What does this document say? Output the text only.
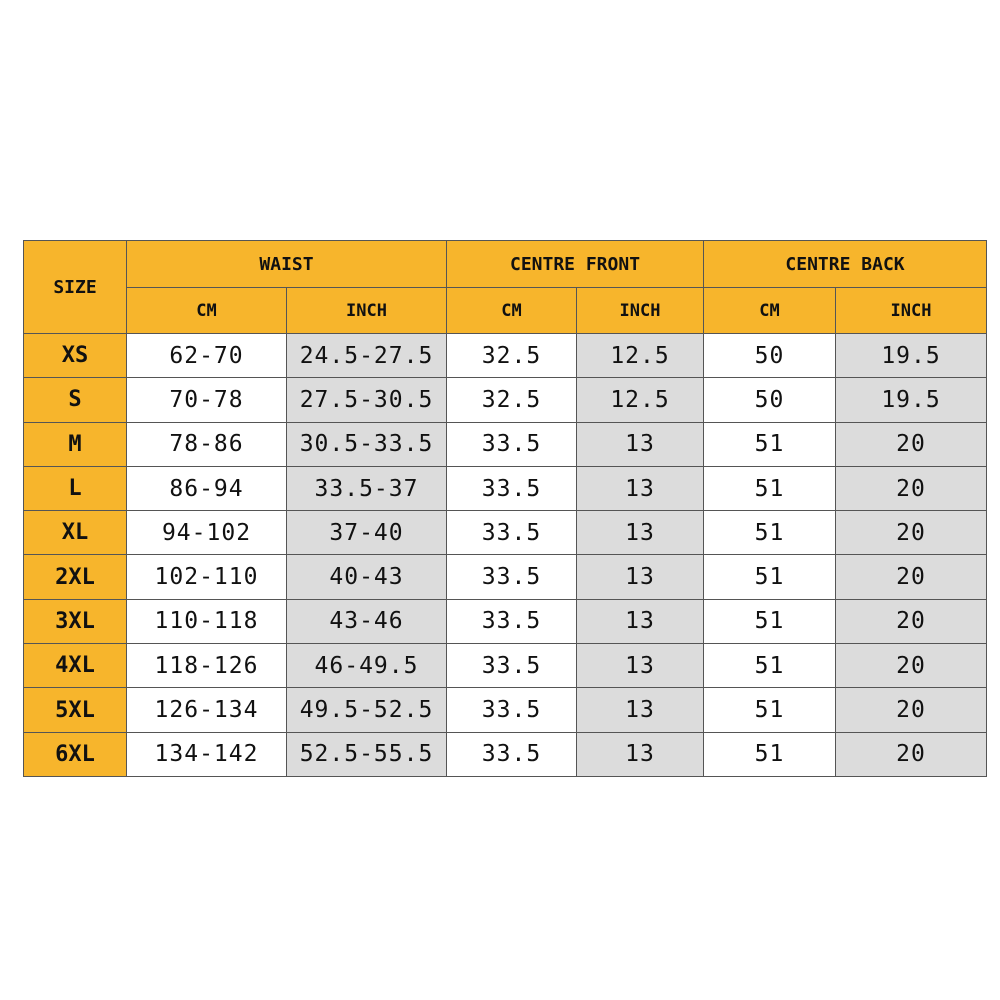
SIZE	WAIST		CENTRE FRONT		CENTRE BACK	
	CM	INCH	CM	INCH	CM	INCH
XS	62-70	24.5-27.5	32.5	12.5	50	19.5
S	70-78	27.5-30.5	32.5	12.5	50	19.5
M	78-86	30.5-33.5	33.5	13	51	20
L	86-94	33.5-37	33.5	13	51	20
XL	94-102	37-40	33.5	13	51	20
2XL	102-110	40-43	33.5	13	51	20
3XL	110-118	43-46	33.5	13	51	20
4XL	118-126	46-49.5	33.5	13	51	20
5XL	126-134	49.5-52.5	33.5	13	51	20
6XL	134-142	52.5-55.5	33.5	13	51	20
